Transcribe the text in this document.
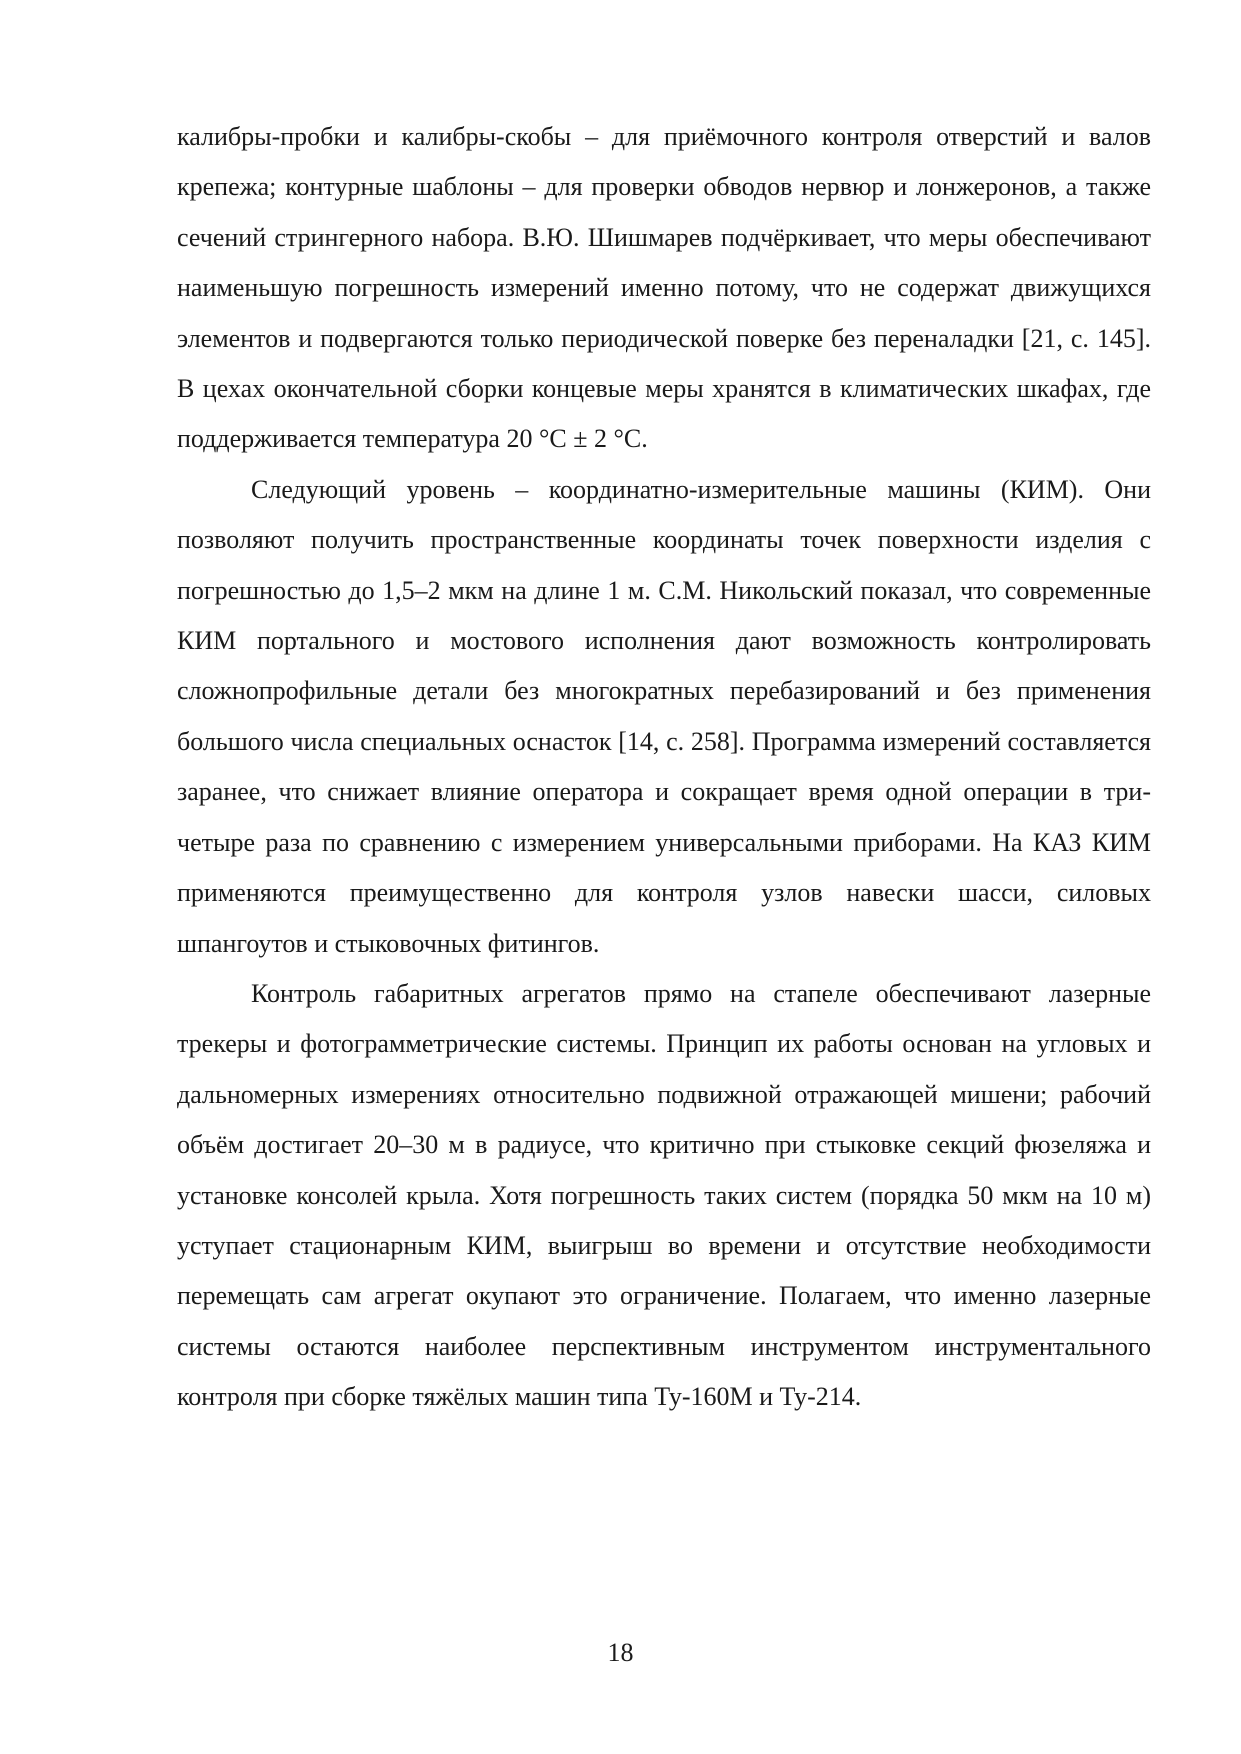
калибры-пробки и калибры-скобы – для приёмочного контроля отверстий и валов крепежа; контурные шаблоны – для проверки обводов нервюр и лонжеронов, а также сечений стрингерного набора. В.Ю. Шишмарев подчёркивает, что меры обеспечивают наименьшую погрешность измерений именно потому, что не содержат движущихся элементов и подвергаются только периодической поверке без переналадки [21, с. 145]. В цехах окончательной сборки концевые меры хранятся в климатических шкафах, где поддерживается температура 20 °С ± 2 °С.

Следующий уровень – координатно-измерительные машины (КИМ). Они позволяют получить пространственные координаты точек поверхности изделия с погрешностью до 1,5–2 мкм на длине 1 м. С.М. Никольский показал, что современные КИМ портального и мостового исполнения дают возможность контролировать сложнопрофильные детали без многократных перебазирований и без применения большого числа специальных оснасток [14, с. 258]. Программа измерений составляется заранее, что снижает влияние оператора и сокращает время одной операции в три-четыре раза по сравнению с измерением универсальными приборами. На КАЗ КИМ применяются преимущественно для контроля узлов навески шасси, силовых шпангоутов и стыковочных фитингов.

Контроль габаритных агрегатов прямо на стапеле обеспечивают лазерные трекеры и фотограмметрические системы. Принцип их работы основан на угловых и дальномерных измерениях относительно подвижной отражающей мишени; рабочий объём достигает 20–30 м в радиусе, что критично при стыковке секций фюзеляжа и установке консолей крыла. Хотя погрешность таких систем (порядка 50 мкм на 10 м) уступает стационарным КИМ, выигрыш во времени и отсутствие необходимости перемещать сам агрегат окупают это ограничение. Полагаем, что именно лазерные системы остаются наиболее перспективным инструментом инструментального контроля при сборке тяжёлых машин типа Ту-160М и Ту-214.

18
